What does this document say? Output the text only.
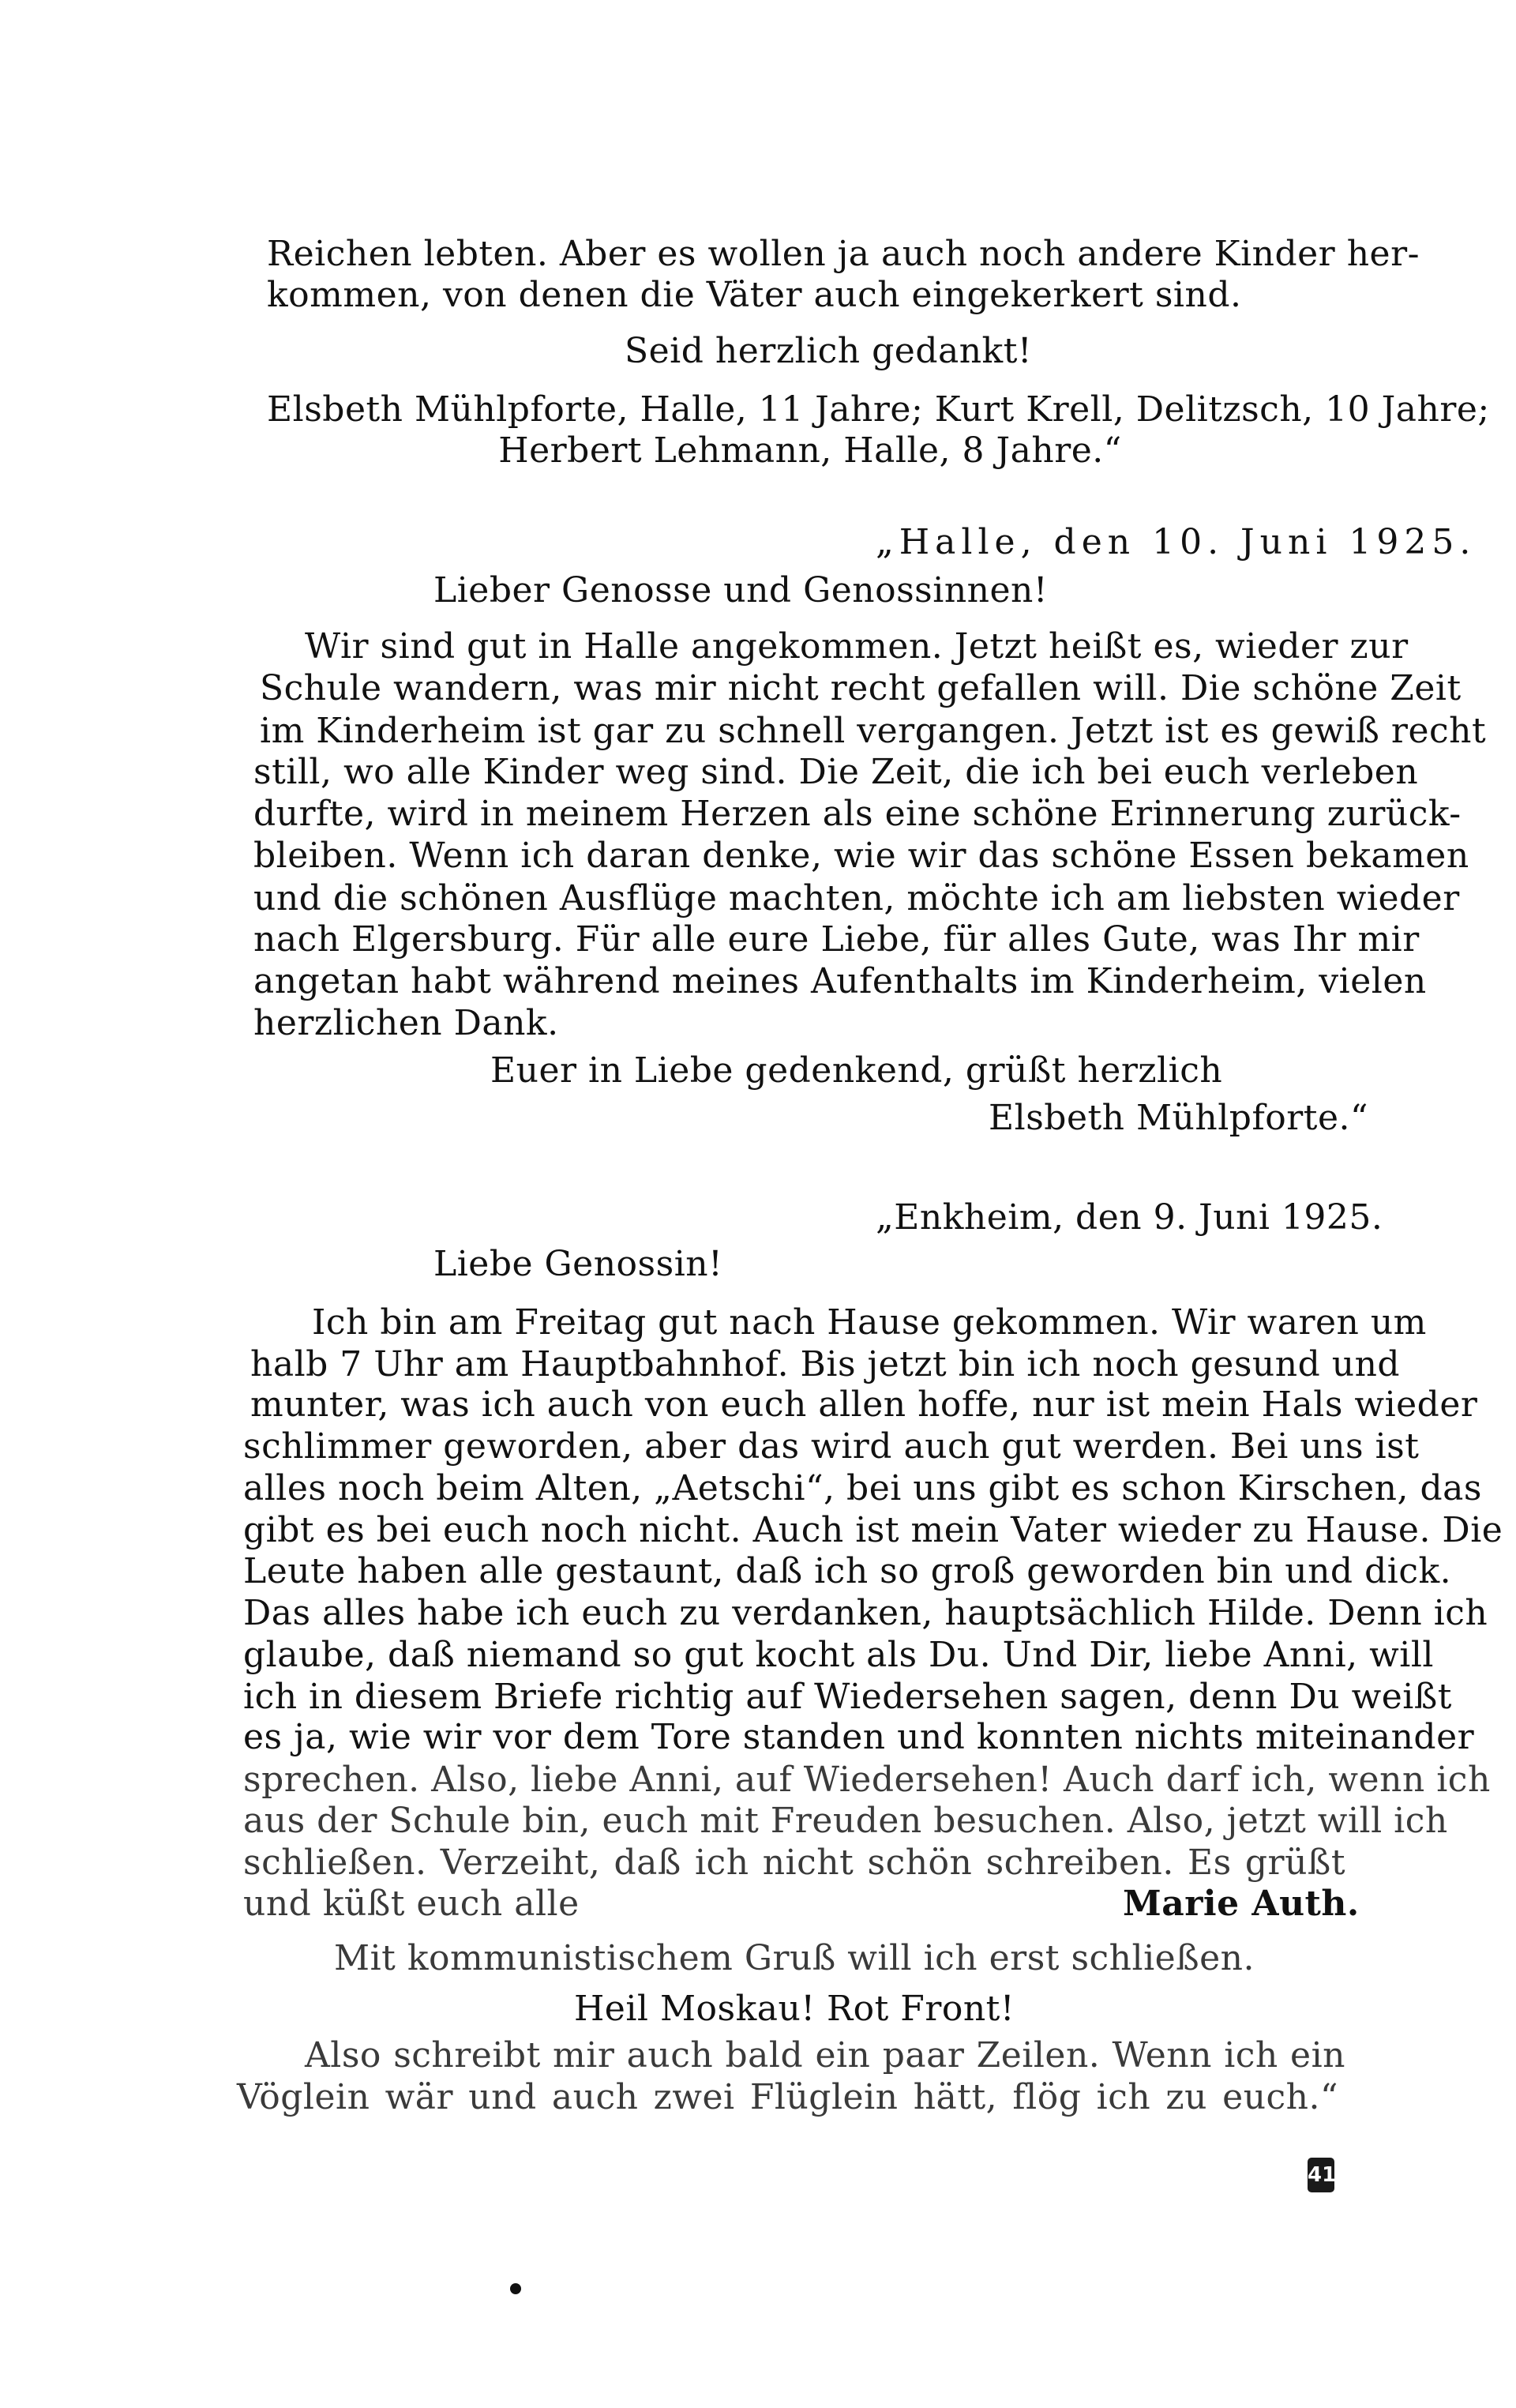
Reichen lebten. Aber es wollen ja auch noch andere Kinder her-
kommen, von denen die Väter auch eingekerkert sind.
Seid herzlich gedankt!
Elsbeth Mühlpforte, Halle, 11 Jahre; Kurt Krell, Delitzsch, 10 Jahre;
Herbert Lehmann, Halle, 8 Jahre.“
„Halle, den 10. Juni 1925.
Lieber Genosse und Genossinnen!
Wir sind gut in Halle angekommen. Jetzt heißt es, wieder zur
Schule wandern, was mir nicht recht gefallen will. Die schöne Zeit
im Kinderheim ist gar zu schnell vergangen. Jetzt ist es gewiß recht
still, wo alle Kinder weg sind. Die Zeit, die ich bei euch verleben
durfte, wird in meinem Herzen als eine schöne Erinnerung zurück-
bleiben. Wenn ich daran denke, wie wir das schöne Essen bekamen
und die schönen Ausflüge machten, möchte ich am liebsten wieder
nach Elgersburg. Für alle eure Liebe, für alles Gute, was Ihr mir
angetan habt während meines Aufenthalts im Kinderheim, vielen
herzlichen Dank.
Euer in Liebe gedenkend, grüßt herzlich
Elsbeth Mühlpforte.“
„Enkheim, den 9. Juni 1925.
Liebe Genossin!
Ich bin am Freitag gut nach Hause gekommen. Wir waren um
halb 7 Uhr am Hauptbahnhof. Bis jetzt bin ich noch gesund und
munter, was ich auch von euch allen hoffe, nur ist mein Hals wieder
schlimmer geworden, aber das wird auch gut werden. Bei uns ist
alles noch beim Alten, „Aetschi“, bei uns gibt es schon Kirschen, das
gibt es bei euch noch nicht. Auch ist mein Vater wieder zu Hause. Die
Leute haben alle gestaunt, daß ich so groß geworden bin und dick.
Das alles habe ich euch zu verdanken, hauptsächlich Hilde. Denn ich
glaube, daß niemand so gut kocht als Du. Und Dir, liebe Anni, will
ich in diesem Briefe richtig auf Wiedersehen sagen, denn Du weißt
es ja, wie wir vor dem Tore standen und konnten nichts miteinander
sprechen. Also, liebe Anni, auf Wiedersehen! Auch darf ich, wenn ich
aus der Schule bin, euch mit Freuden besuchen. Also, jetzt will ich
schließen. Verzeiht, daß ich nicht schön schreiben. Es grüßt
und küßt euch alle	Marie Auth.
Mit kommunistischem Gruß will ich erst schließen.
Heil Moskau! Rot Front!
Also schreibt mir auch bald ein paar Zeilen. Wenn ich ein
Vöglein wär und auch zwei Flüglein hätt, flög ich zu euch.“
41
